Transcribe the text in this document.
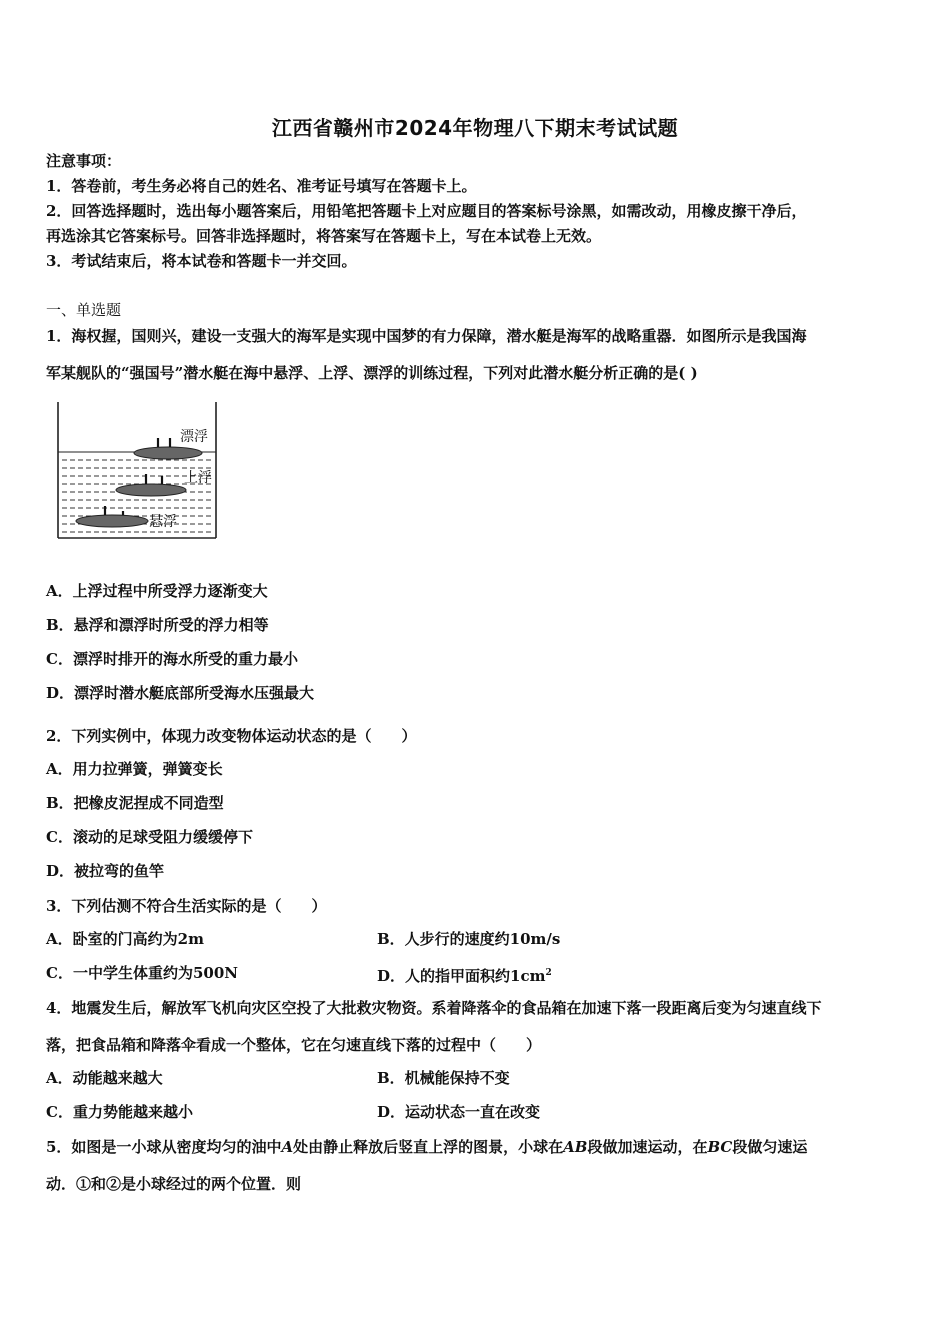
江西省赣州市2024年物理八下期末考试试题
注意事项：
1．答卷前，考生务必将自己的姓名、准考证号填写在答题卡上。
2．回答选择题时，选出每小题答案后，用铅笔把答题卡上对应题目的答案标号涂黑，如需改动，用橡皮擦干净后，
再选涂其它答案标号。回答非选择题时，将答案写在答题卡上，写在本试卷上无效。
3．考试结束后，将本试卷和答题卡一并交回。
一、单选题
1．海权握，国则兴，建设一支强大的海军是实现中国梦的有力保障，潜水艇是海军的战略重器．如图所示是我国海
军某舰队的“强国号”潜水艇在海中悬浮、上浮、漂浮的训练过程，下列对此潜水艇分析正确的是( )
漂浮
上浮
悬浮
A．上浮过程中所受浮力逐渐变大
B．悬浮和漂浮时所受的浮力相等
C．漂浮时排开的海水所受的重力最小
D．漂浮时潜水艇底部所受海水压强最大
2．下列实例中，体现力改变物体运动状态的是（　　）
A．用力拉弹簧，弹簧变长
B．把橡皮泥捏成不同造型
C．滚动的足球受阻力缓缓停下
D．被拉弯的鱼竿
3．下列估测不符合生活实际的是（　　）
A．卧室的门高约为2m	B．人步行的速度约10m/s
C．一中学生体重约为500N	D．人的指甲面积约$1cm^2$
4．地震发生后，解放军飞机向灾区空投了大批救灾物资。系着降落伞的食品箱在加速下落一段距离后变为匀速直线下
落，把食品箱和降落伞看成一个整体，它在匀速直线下落的过程中（　　）
A．动能越来越大	B．机械能保持不变
C．重力势能越来越小	D．运动状态一直在改变
5．如图是一小球从密度均匀的油中A处由静止释放后竖直上浮的图景，小球在AB段做加速运动，在BC段做匀速运
动．①和②是小球经过的两个位置．则
